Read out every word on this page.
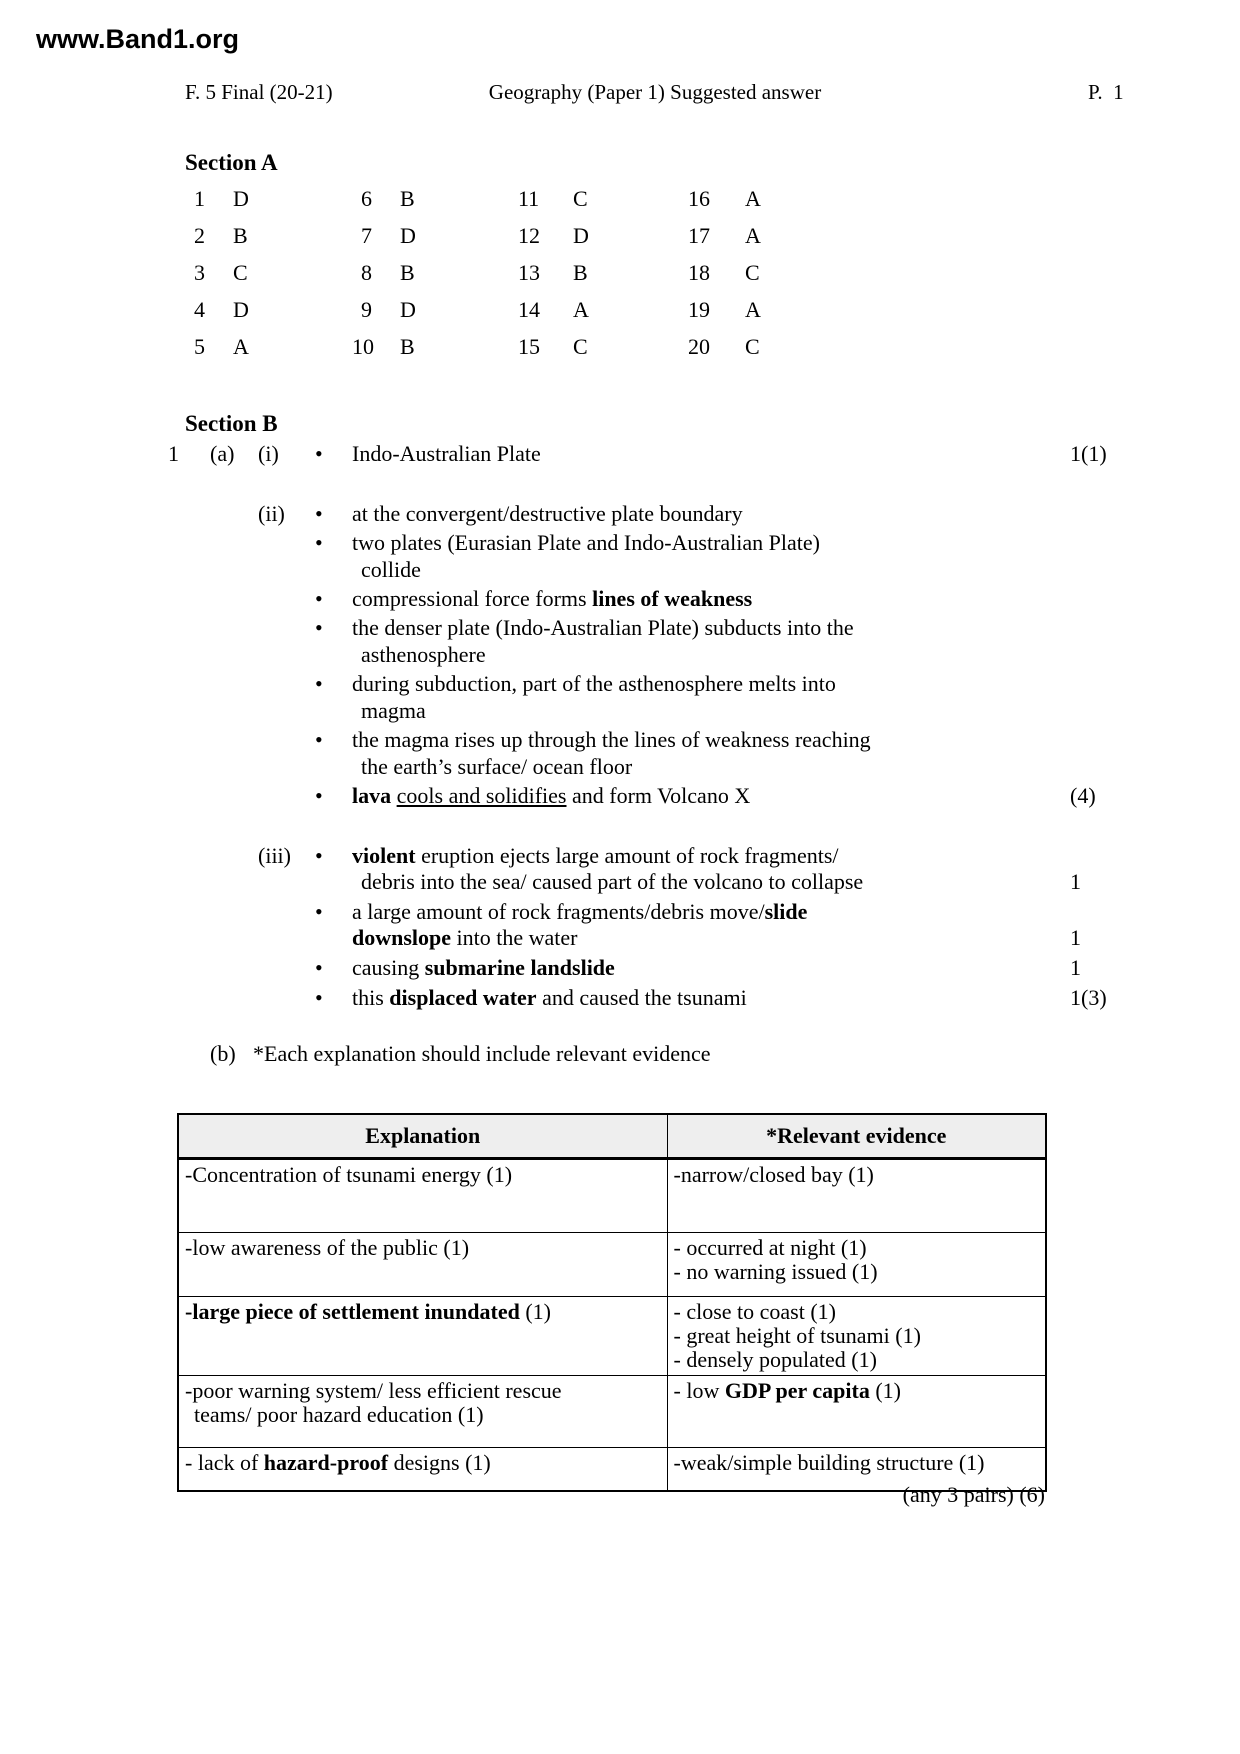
www.Band1.org
F. 5 Final (20-21)	Geography (Paper 1) Suggested answer	P.  1
Section A
1	D	6	B	11	C	16	A
2	B	7	D	12	D	17	A
3	C	8	B	13	B	18	C
4	D	9	D	14	A	19	A
5	A	10	B	15	C	20	C
Section B
1	(a)	(i)	•	Indo-Australian Plate	1(1)
(ii)	•	at the convergent/destructive plate boundary
•	two plates (Eurasian Plate and Indo-Australian Plate)
collide
•	compressional force forms lines of weakness
•	the denser plate (Indo-Australian Plate) subducts into the
asthenosphere
•	during subduction, part of the asthenosphere melts into
magma
•	the magma rises up through the lines of weakness reaching
the earth’s surface/ ocean floor
•	lava cools and solidifies and form Volcano X	(4)
(iii)	•	violent eruption ejects large amount of rock fragments/
debris into the sea/ caused part of the volcano to collapse	1
•	a large amount of rock fragments/debris move/slide
downslope into the water	1
•	causing submarine landslide	1
•	this displaced water and caused the tsunami	1(3)
(b) *Each explanation should include relevant evidence
Explanation	*Relevant evidence

-Concentration of tsunami energy (1)	-narrow/closed bay (1)

-low awareness of the public (1)	- occurred at night (1)
- no warning issued (1)

-large piece of settlement inundated (1)	- close to coast (1)
- great height of tsunami (1)
- densely populated (1)

-poor warning system/ less efficient rescue
teams/ poor hazard education (1)	- low GDP per capita (1)

- lack of hazard-proof designs (1)	-weak/simple building structure (1)
(any 3 pairs) (6)
